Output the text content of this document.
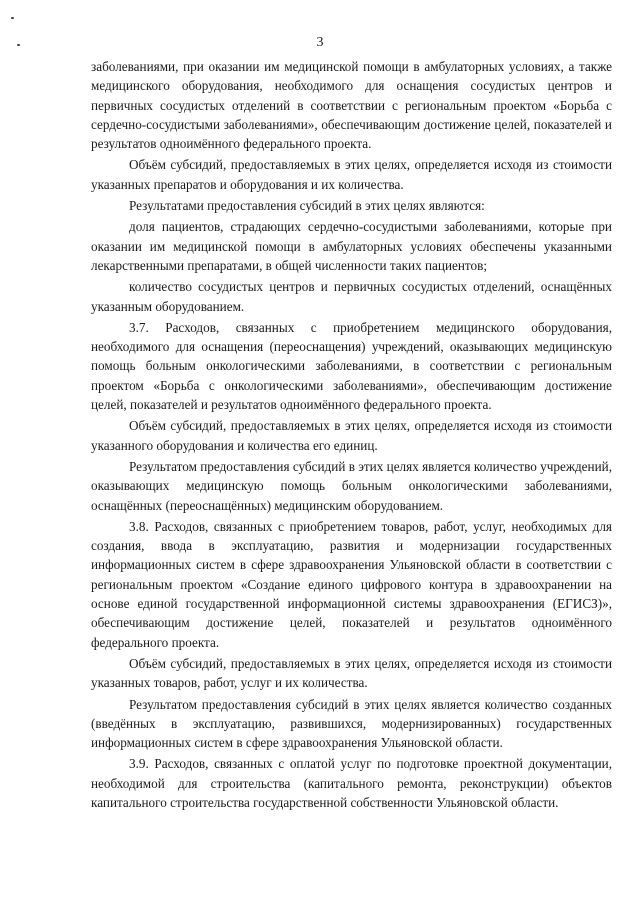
3

заболеваниями, при оказании им медицинской помощи в амбулаторных условиях, а также медицинского оборудования, необходимого для оснащения сосудистых центров и первичных сосудистых отделений в соответствии с региональным проектом «Борьба с сердечно-сосудистыми заболеваниями», обеспечивающим достижение целей, показателей и результатов одноимённого федерального проекта.

Объём субсидий, предоставляемых в этих целях, определяется исходя из стоимости указанных препаратов и оборудования и их количества.

Результатами предоставления субсидий в этих целях являются:

доля пациентов, страдающих сердечно-сосудистыми заболеваниями, которые при оказании им медицинской помощи в амбулаторных условиях обеспечены указанными лекарственными препаратами, в общей численности таких пациентов;

количество сосудистых центров и первичных сосудистых отделений, оснащённых указанным оборудованием.

3.7. Расходов, связанных с приобретением медицинского оборудования, необходимого для оснащения (переоснащения) учреждений, оказывающих медицинскую помощь больным онкологическими заболеваниями, в соответствии с региональным проектом «Борьба с онкологическими заболеваниями», обеспечивающим достижение целей, показателей и результатов одноимённого федерального проекта.

Объём субсидий, предоставляемых в этих целях, определяется исходя из стоимости указанного оборудования и количества его единиц.

Результатом предоставления субсидий в этих целях является количество учреждений, оказывающих медицинскую помощь больным онкологическими заболеваниями, оснащённых (переоснащённых) медицинским оборудованием.

3.8. Расходов, связанных с приобретением товаров, работ, услуг, необходимых для создания, ввода в эксплуатацию, развития и модернизации государственных информационных систем в сфере здравоохранения Ульяновской области в соответствии с региональным проектом «Создание единого цифрового контура в здравоохранении на основе единой государственной информационной системы здравоохранения (ЕГИСЗ)», обеспечивающим достижение целей, показателей и результатов одноимённого федерального проекта.

Объём субсидий, предоставляемых в этих целях, определяется исходя из стоимости указанных товаров, работ, услуг и их количества.

Результатом предоставления субсидий в этих целях является количество созданных (введённых в эксплуатацию, развившихся, модернизированных) государственных информационных систем в сфере здравоохранения Ульяновской области.

3.9. Расходов, связанных с оплатой услуг по подготовке проектной документации, необходимой для строительства (капитального ремонта, реконструкции) объектов капитального строительства государственной собственности Ульяновской области.
